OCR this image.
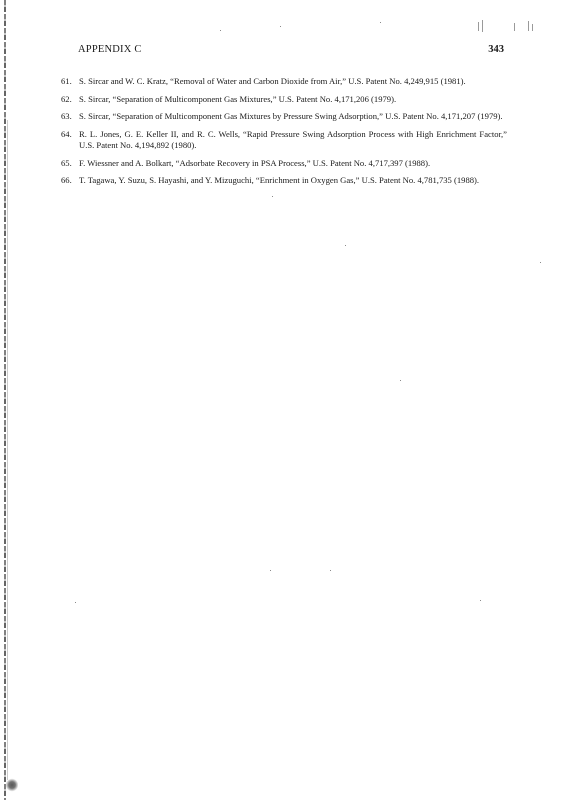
APPENDIX C	343
61. S. Sircar and W. C. Kratz, “Removal of Water and Carbon Dioxide from Air,” U.S. Patent No. 4,249,915 (1981).
62. S. Sircar, “Separation of Multicomponent Gas Mixtures,” U.S. Patent No. 4,171,206 (1979).
63. S. Sircar, “Separation of Multicomponent Gas Mixtures by Pressure Swing Adsorption,” U.S. Patent No. 4,171,207 (1979).
64. R. L. Jones, G. E. Keller II, and R. C. Wells, “Rapid Pressure Swing Adsorption Process with High Enrichment Factor,” U.S. Patent No. 4,194,892 (1980).
65. F. Wiessner and A. Bolkart, “Adsorbate Recovery in PSA Process,” U.S. Patent No. 4,717,397 (1988).
66. T. Tagawa, Y. Suzu, S. Hayashi, and Y. Mizuguchi, “Enrichment in Oxygen Gas,” U.S. Patent No. 4,781,735 (1988).
